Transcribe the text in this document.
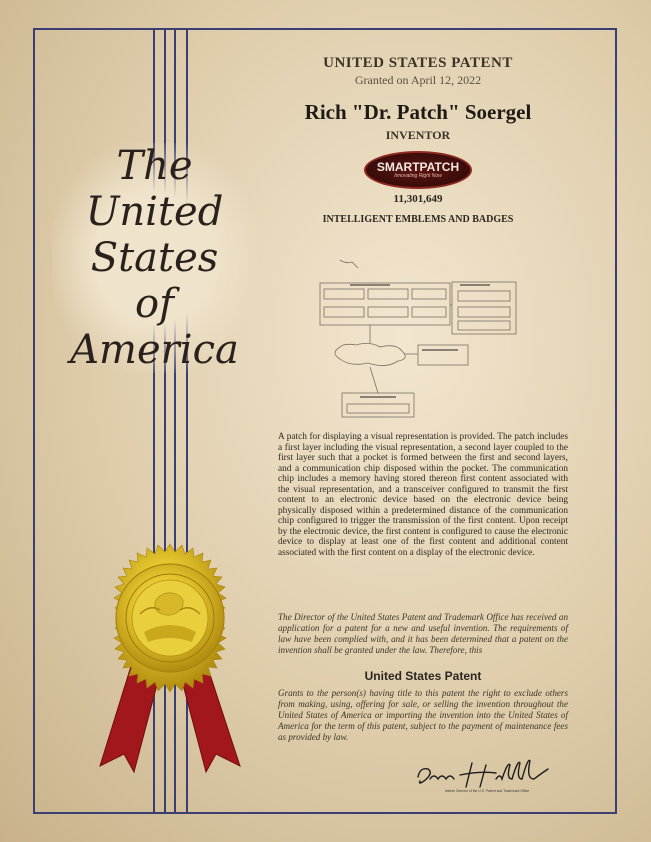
The
United
States
of
America
UNITED STATES PATENT
Granted on April 12, 2022
Rich "Dr. Patch" Soergel
INVENTOR
SMARTPATCH
Innovating Right Now
11,301,649
INTELLIGENT EMBLEMS AND BADGES
A patch for displaying a visual representation is provided. The patch includes a first layer including the visual representation, a second layer coupled to the first layer such that a pocket is formed between the first and second layers, and a communication chip disposed within the pocket. The communication chip includes a memory having stored thereon first content associated with the visual representation, and a transceiver configured to transmit the first content to an electronic device based on the electronic device being physically disposed within a predetermined distance of the communication chip configured to trigger the transmission of the first content. Upon receipt by the electronic device, the first content is configured to cause the electronic device to display at least one of the first content and additional content associated with the first content on a display of the electronic device.
The Director of the United States Patent and Trademark Office has received an application for a patent for a new and useful invention. The requirements of law have been complied with, and it has been determined that a patent on the invention shall be granted under the law. Therefore, this
United States Patent
Grants to the person(s) having title to this patent the right to exclude others from making, using, offering for sale, or selling the invention throughout the United States of America or importing the invention into the United States of America for the term of this patent, subject to the payment of maintenance fees as provided by law.
Interim Director of the U.S. Patent and Trademark Office
